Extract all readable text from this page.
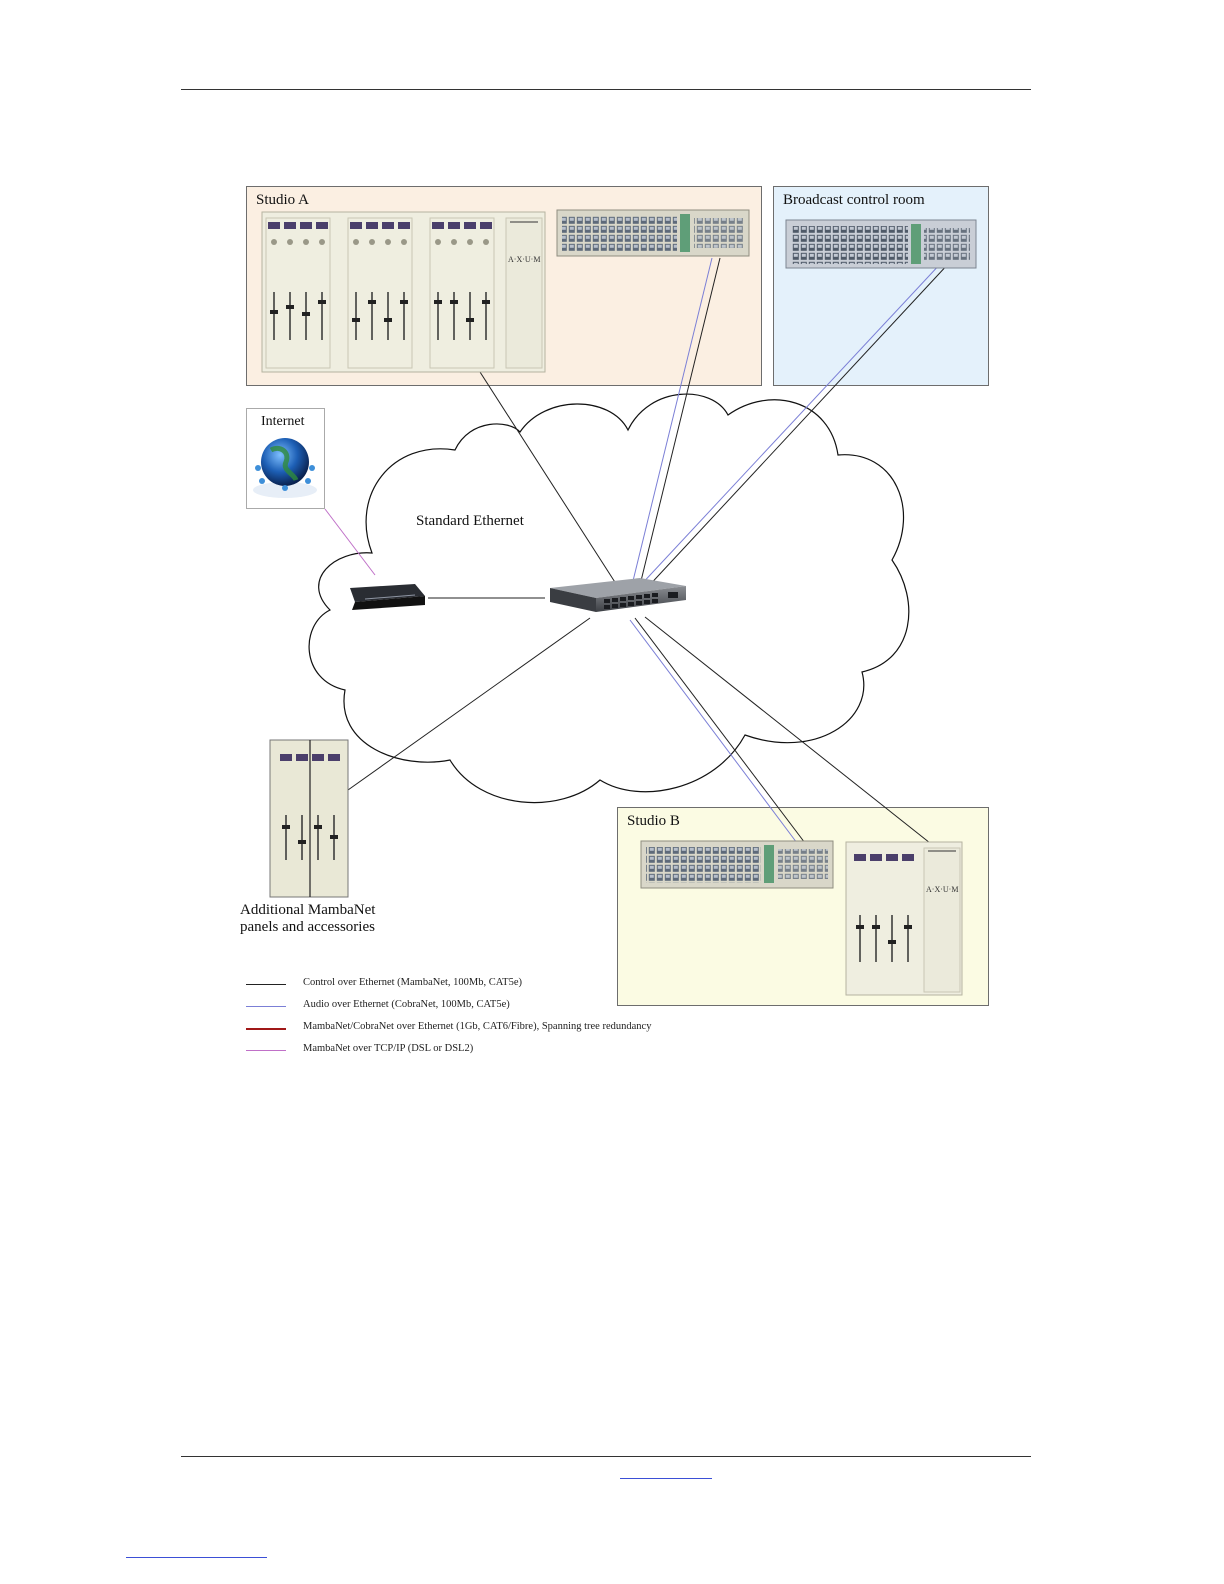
A·X·U·M
A·X·U·M
Studio A	Broadcast control room
Internet
Standard Ethernet
Studio B
Additional MambaNet
panels and accessories
Control over Ethernet (MambaNet, 100Mb, CAT5e)
Audio over Ethernet (CobraNet, 100Mb, CAT5e)
MambaNet/CobraNet over Ethernet (1Gb, CAT6/Fibre), Spanning tree redundancy
MambaNet over TCP/IP (DSL or DSL2)
